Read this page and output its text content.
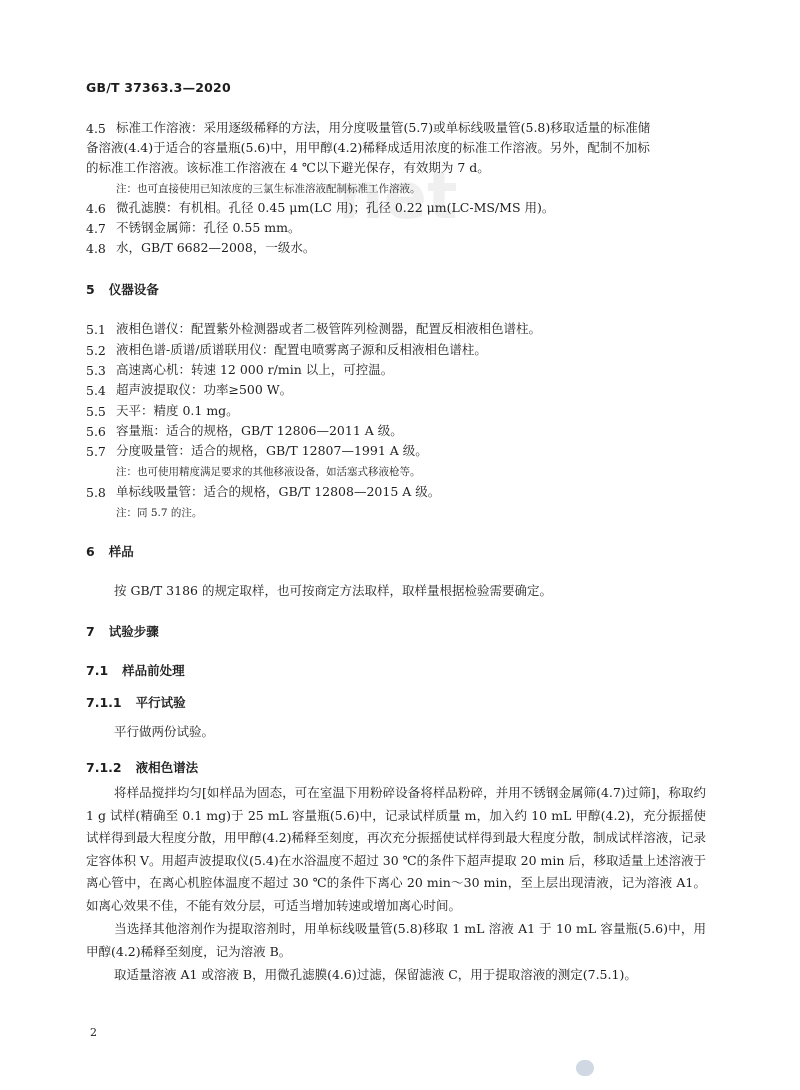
net
GB/T 37363.3—2020
4.5 标准工作溶液：采用逐级稀释的方法，用分度吸量管(5.7)或单标线吸量管(5.8)移取适量的标准储
备溶液(4.4)于适合的容量瓶(5.6)中，用甲醇(4.2)稀释成适用浓度的标准工作溶液。另外，配制不加标
的标准工作溶液。该标准工作溶液在 4 ℃以下避光保存，有效期为 7 d。
注：也可直接使用已知浓度的三氯生标准溶液配制标准工作溶液。
4.6 微孔滤膜：有机相。孔径 0.45 μm(LC 用)；孔径 0.22 μm(LC-MS/MS 用)。
4.7 不锈钢金属筛：孔径 0.55 mm。
4.8 水，GB/T 6682—2008，一级水。
5 仪器设备
5.1 液相色谱仪：配置紫外检测器或者二极管阵列检测器，配置反相液相色谱柱。
5.2 液相色谱-质谱/质谱联用仪：配置电喷雾离子源和反相液相色谱柱。
5.3 高速离心机：转速 12 000 r/min 以上，可控温。
5.4 超声波提取仪：功率≥500 W。
5.5 天平：精度 0.1 mg。
5.6 容量瓶：适合的规格，GB/T 12806—2011 A 级。
5.7 分度吸量管：适合的规格，GB/T 12807—1991 A 级。
注：也可使用精度满足要求的其他移液设备，如活塞式移液枪等。
5.8 单标线吸量管：适合的规格，GB/T 12808—2015 A 级。
注：同 5.7 的注。
6 样品
按 GB/T 3186 的规定取样，也可按商定方法取样，取样量根据检验需要确定。
7 试验步骤
7.1 样品前处理
7.1.1 平行试验
平行做两份试验。
7.1.2 液相色谱法
将样品搅拌均匀[如样品为固态，可在室温下用粉碎设备将样品粉碎，并用不锈钢金属筛(4.7)过筛]，称取约 1 g 试样(精确至 0.1 mg)于 25 mL 容量瓶(5.6)中，记录试样质量 m，加入约 10 mL 甲醇(4.2)，充分振摇使试样得到最大程度分散，用甲醇(4.2)稀释至刻度，再次充分振摇使试样得到最大程度分散，制成试样溶液，记录定容体积 V。用超声波提取仪(5.4)在水浴温度不超过 30 ℃的条件下超声提取 20 min 后，移取适量上述溶液于离心管中，在离心机腔体温度不超过 30 ℃的条件下离心 20 min～30 min，至上层出现清液，记为溶液 A1。如离心效果不佳，不能有效分层，可适当增加转速或增加离心时间。
当选择其他溶剂作为提取溶剂时，用单标线吸量管(5.8)移取 1 mL 溶液 A1 于 10 mL 容量瓶(5.6)中，用甲醇(4.2)稀释至刻度，记为溶液 B。
取适量溶液 A1 或溶液 B，用微孔滤膜(4.6)过滤，保留滤液 C，用于提取溶液的测定(7.5.1)。
2
